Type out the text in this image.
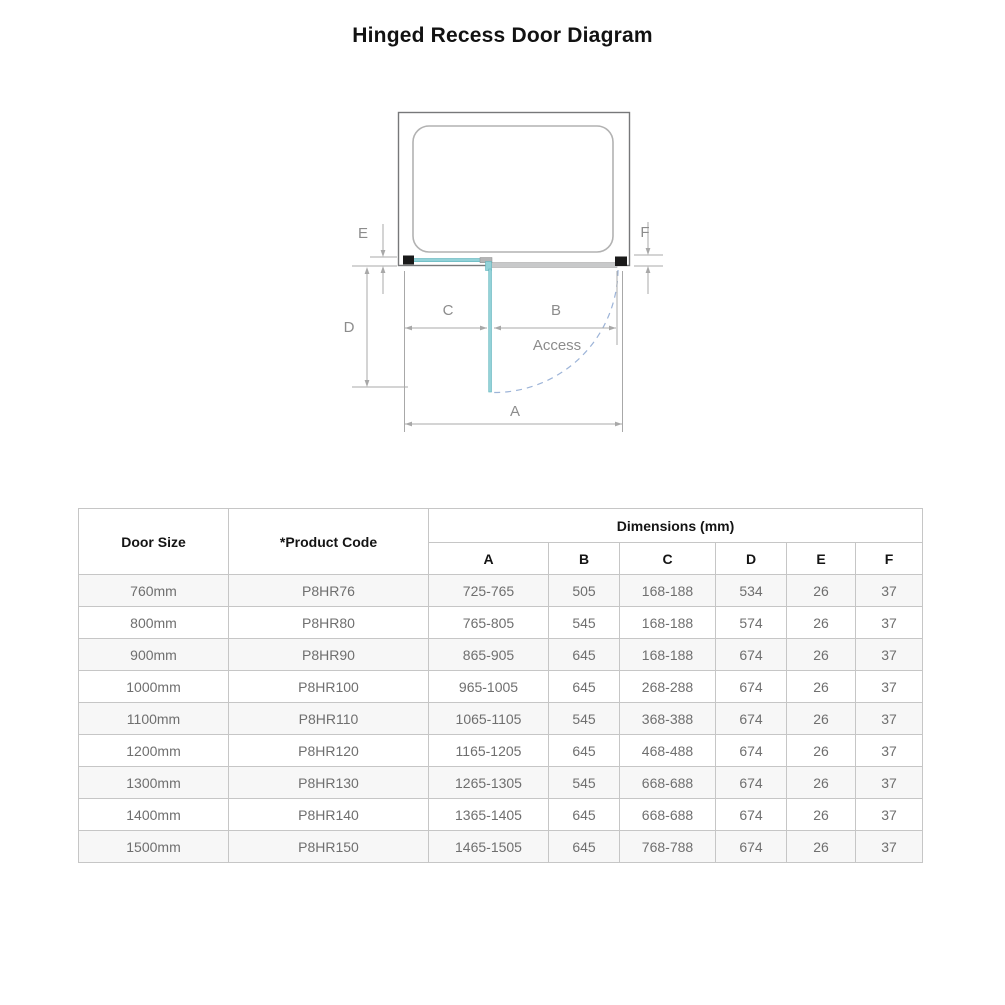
Hinged Recess Door Diagram
E	F
C	B
Access
D
A
Door Size	*Product Code	Dimensions (mm)					
		A	B	C	D	E	F
760mm	P8HR76	725-765	505	168-188	534	26	37
800mm	P8HR80	765-805	545	168-188	574	26	37
900mm	P8HR90	865-905	645	168-188	674	26	37
1000mm	P8HR100	965-1005	645	268-288	674	26	37
1100mm	P8HR110	1065-1105	545	368-388	674	26	37
1200mm	P8HR120	1165-1205	645	468-488	674	26	37
1300mm	P8HR130	1265-1305	545	668-688	674	26	37
1400mm	P8HR140	1365-1405	645	668-688	674	26	37
1500mm	P8HR150	1465-1505	645	768-788	674	26	37
